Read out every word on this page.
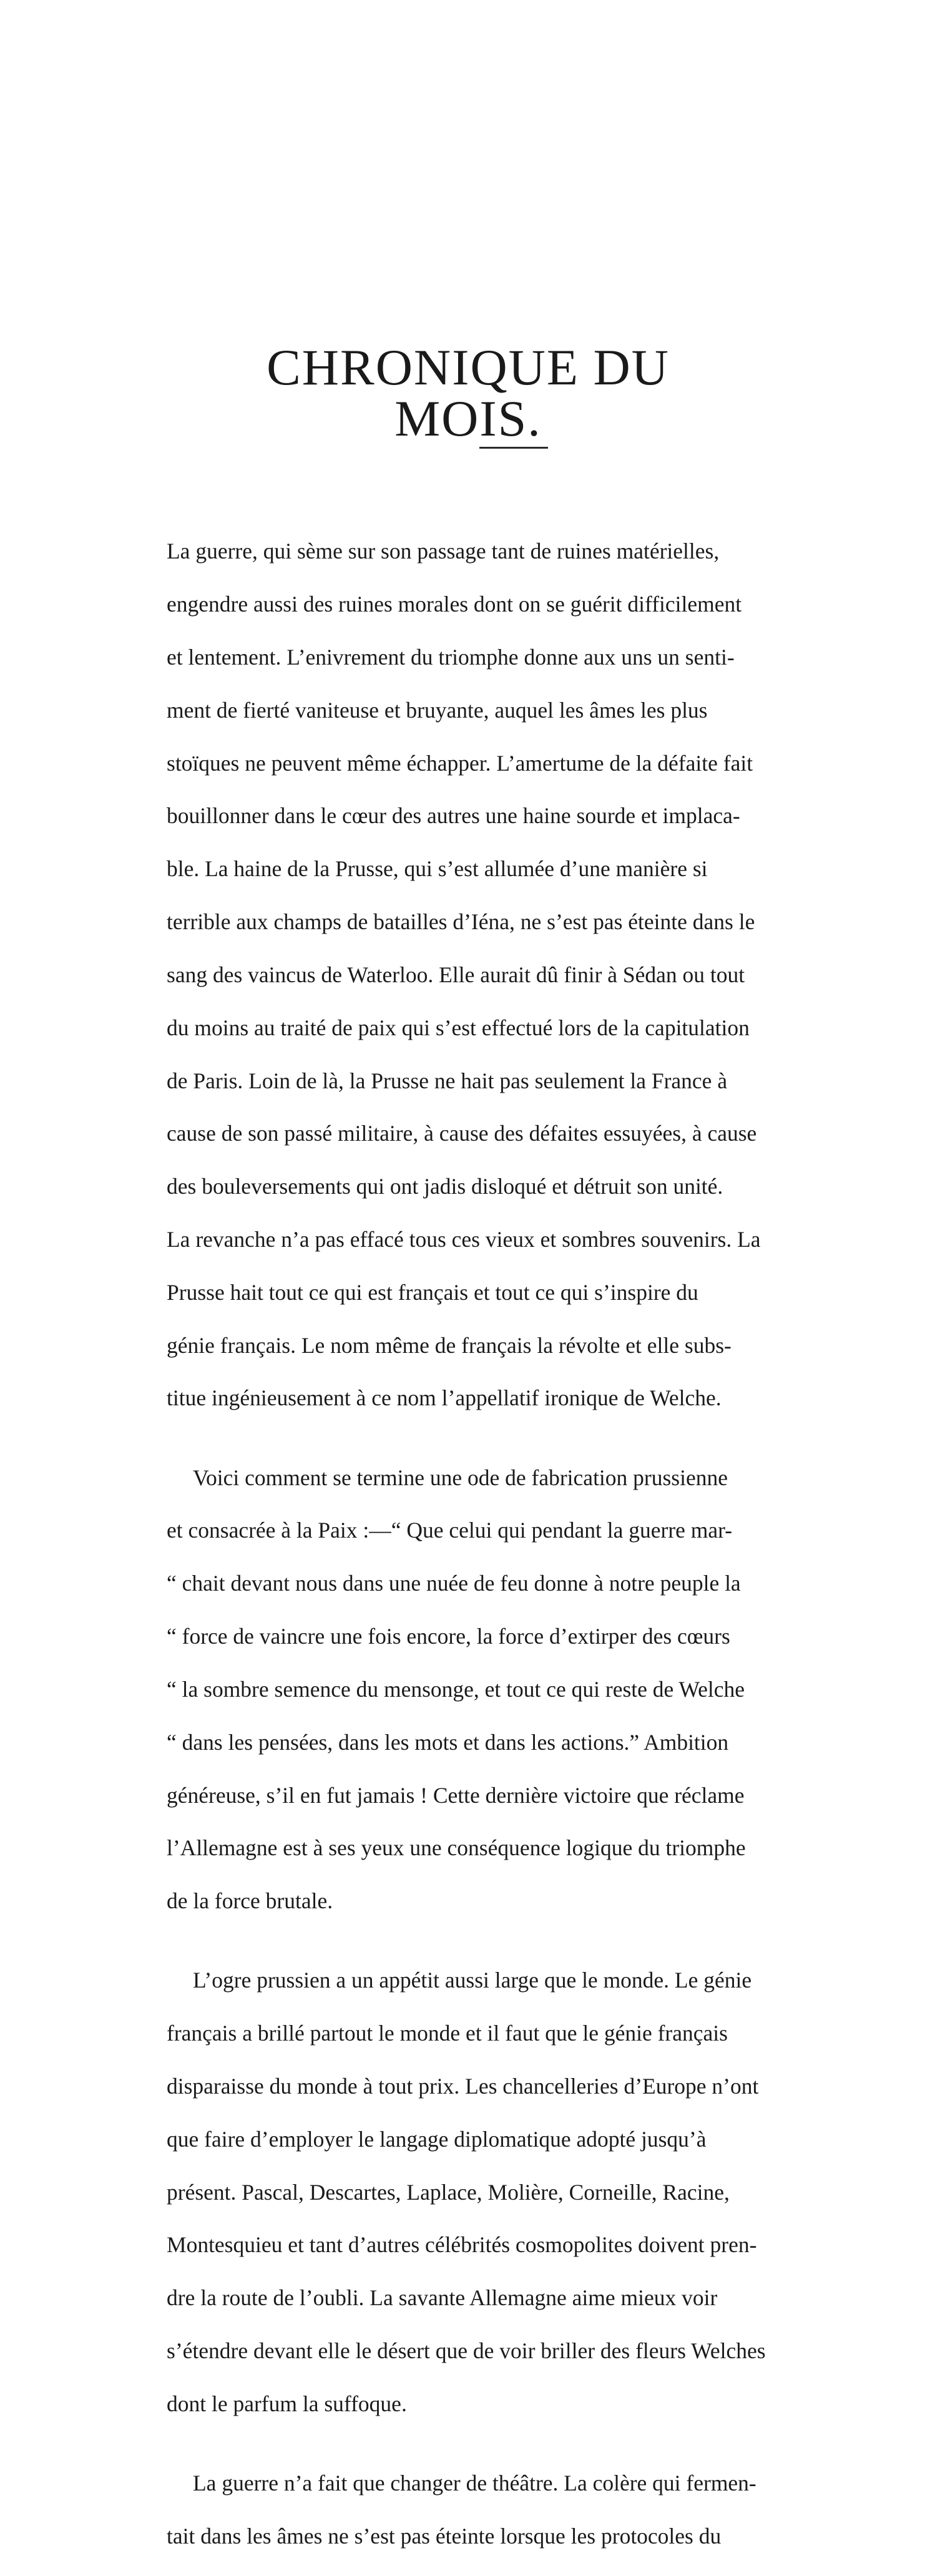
CHRONIQUE DU MOIS.

La guerre, qui sème sur son passage tant de ruines matérielles,

engendre aussi des ruines morales dont on se guérit difficilement

et lentement. L’enivrement du triomphe donne aux uns un senti-

ment de fierté vaniteuse et bruyante, auquel les âmes les plus

stoïques ne peuvent même échapper. L’amertume de la défaite fait

bouillonner dans le cœur des autres une haine sourde et implaca-

ble. La haine de la Prusse, qui s’est allumée d’une manière si

terrible aux champs de batailles d’Iéna, ne s’est pas éteinte dans le

sang des vaincus de Waterloo. Elle aurait dû finir à Sédan ou tout

du moins au traité de paix qui s’est effectué lors de la capitulation

de Paris. Loin de là, la Prusse ne hait pas seulement la France à

cause de son passé militaire, à cause des défaites essuyées, à cause

des bouleversements qui ont jadis disloqué et détruit son unité.

La revanche n’a pas effacé tous ces vieux et sombres souvenirs. La

Prusse hait tout ce qui est français et tout ce qui s’inspire du

génie français. Le nom même de français la révolte et elle subs-

titue ingénieusement à ce nom l’appellatif ironique de Welche.

Voici comment se termine une ode de fabrication prussienne

et consacrée à la Paix :—“ Que celui qui pendant la guerre mar-

“ chait devant nous dans une nuée de feu donne à notre peuple la

“ force de vaincre une fois encore, la force d’extirper des cœurs

“ la sombre semence du mensonge, et tout ce qui reste de Welche

“ dans les pensées, dans les mots et dans les actions.” Ambition

généreuse, s’il en fut jamais ! Cette dernière victoire que réclame

l’Allemagne est à ses yeux une conséquence logique du triomphe

de la force brutale.

L’ogre prussien a un appétit aussi large que le monde. Le génie

français a brillé partout le monde et il faut que le génie français

disparaisse du monde à tout prix. Les chancelleries d’Europe n’ont

que faire d’employer le langage diplomatique adopté jusqu’à

présent. Pascal, Descartes, Laplace, Molière, Corneille, Racine,

Montesquieu et tant d’autres célébrités cosmopolites doivent pren-

dre la route de l’oubli. La savante Allemagne aime mieux voir

s’étendre devant elle le désert que de voir briller des fleurs Welches

dont le parfum la suffoque.

La guerre n’a fait que changer de théâtre. La colère qui fermen-

tait dans les âmes ne s’est pas éteinte lorsque les protocoles du
